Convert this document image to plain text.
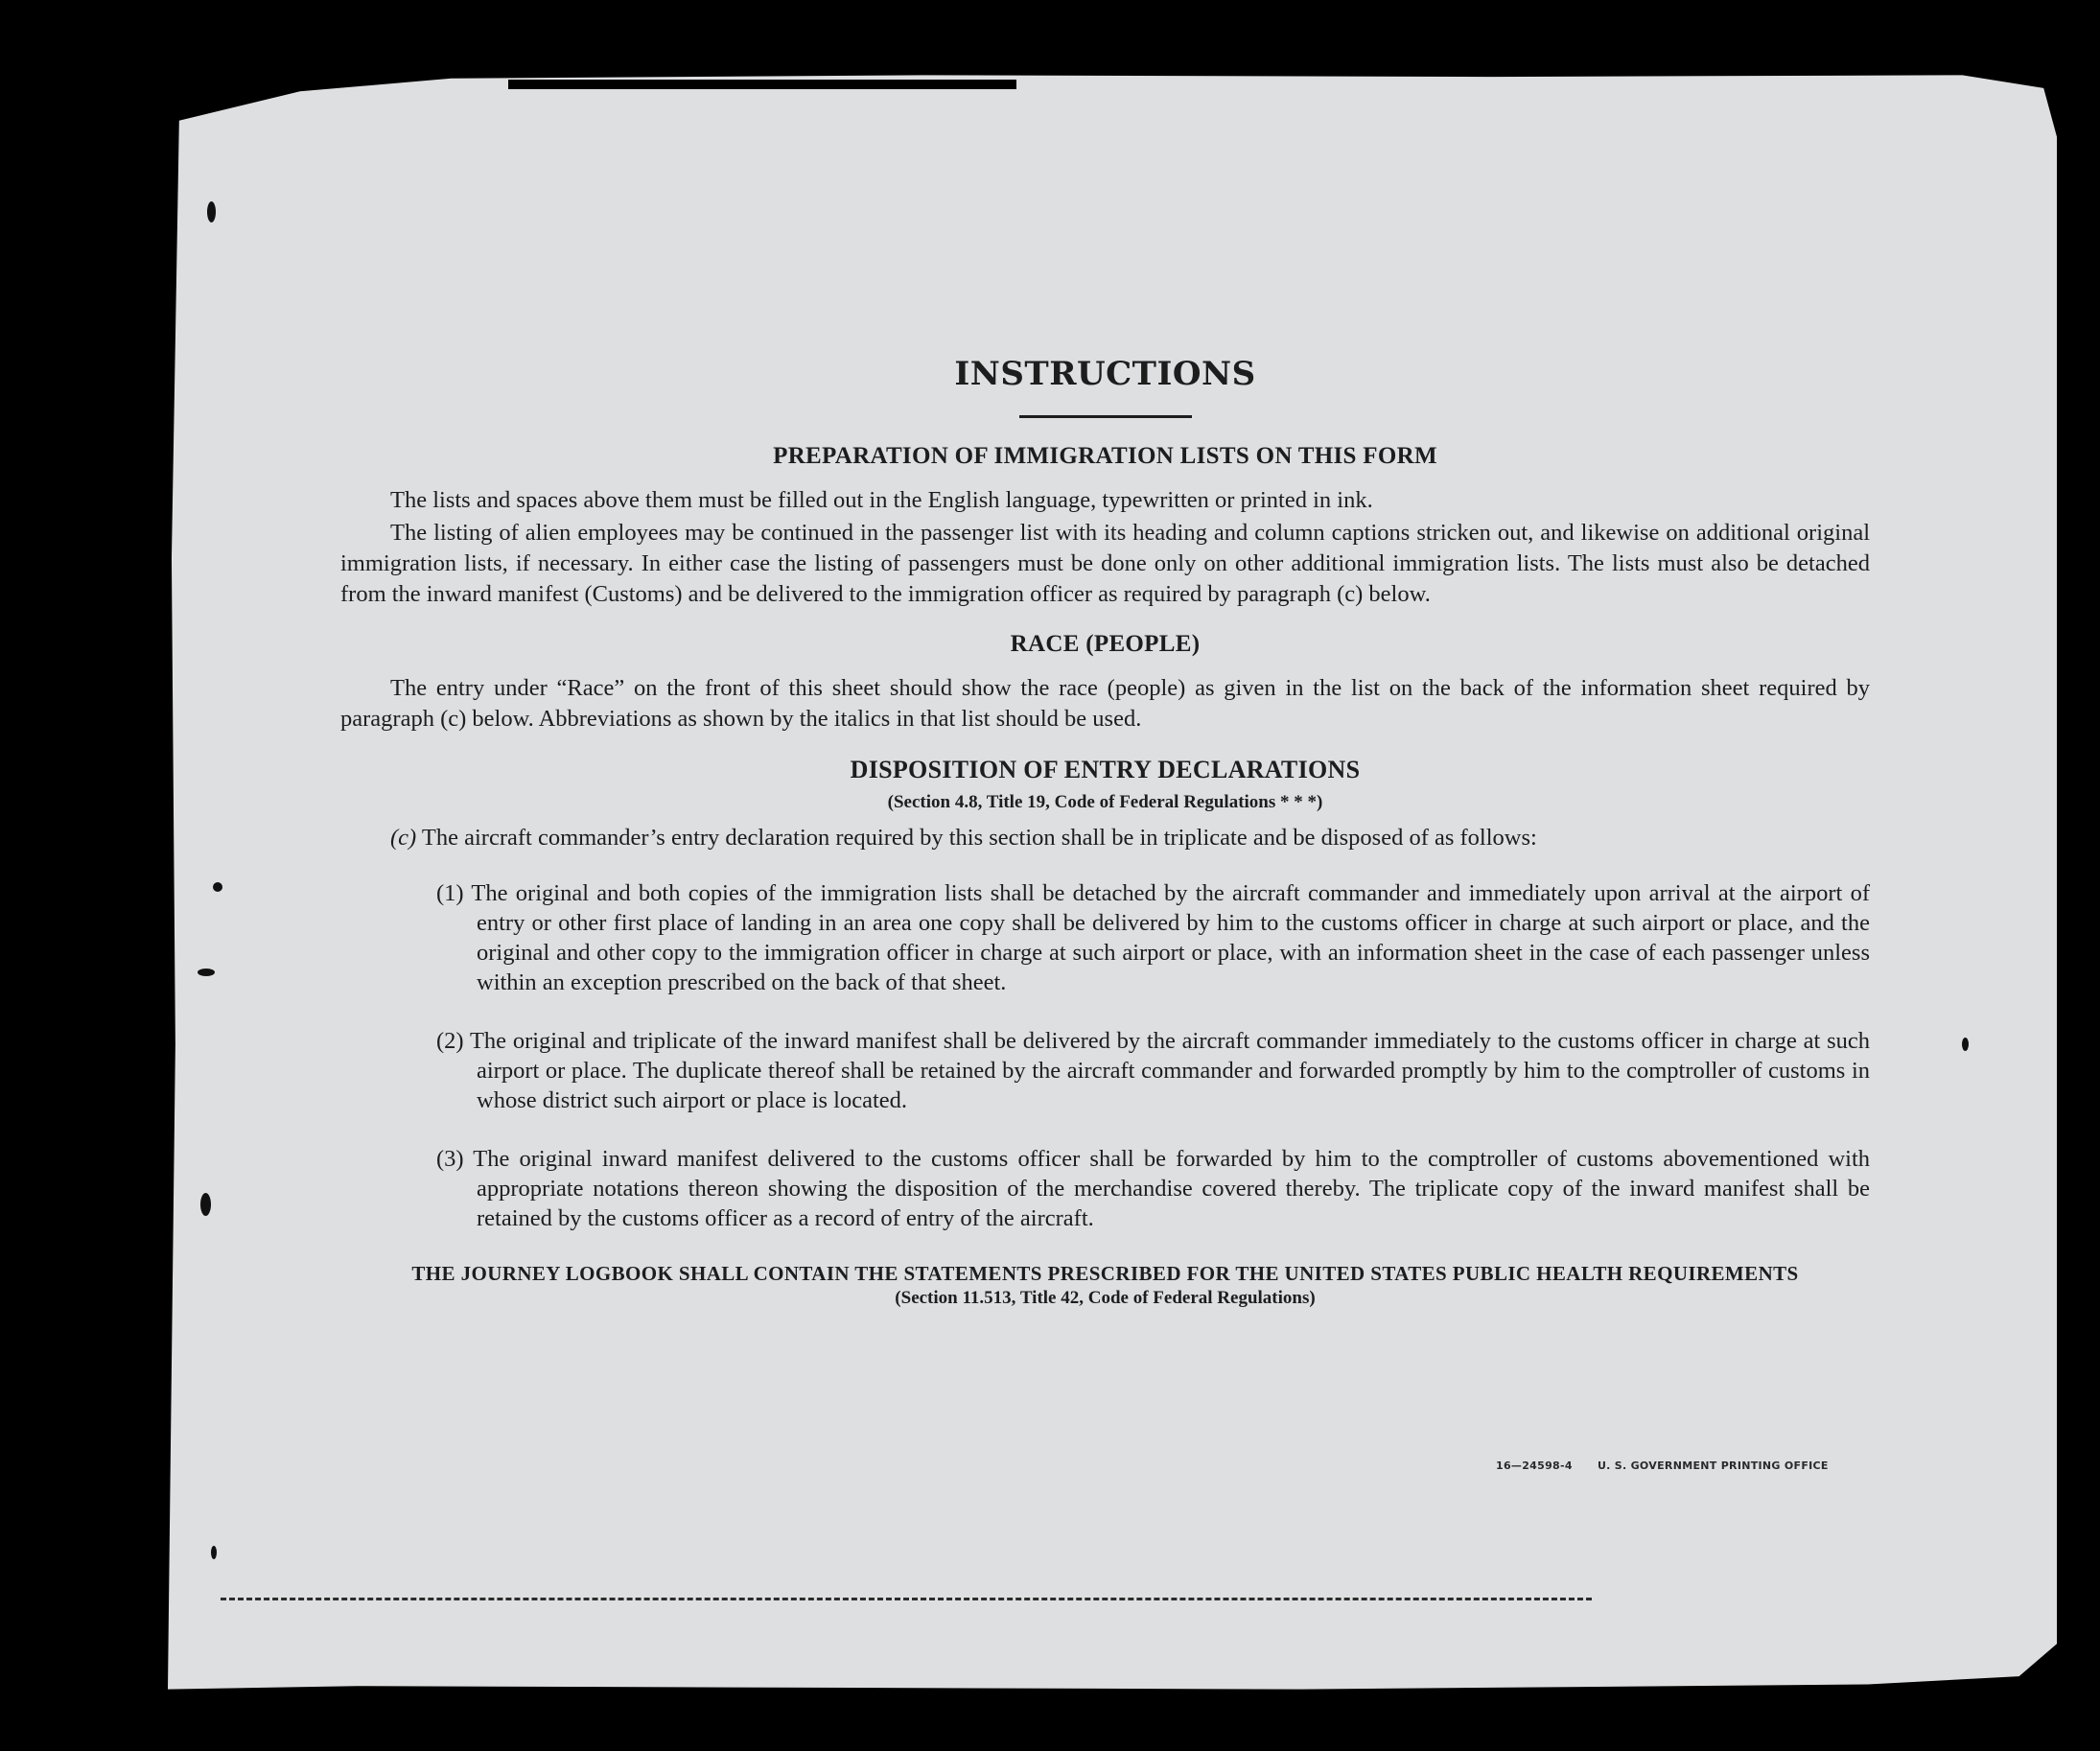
INSTRUCTIONS
PREPARATION OF IMMIGRATION LISTS ON THIS FORM

The lists and spaces above them must be filled out in the English language, typewritten or printed in ink.

The listing of alien employees may be continued in the passenger list with its heading and column captions stricken out, and likewise on additional original immigration lists, if necessary. In either case the listing of passengers must be done only on other additional immigration lists. The lists must also be detached from the inward manifest (Customs) and be delivered to the immigration officer as required by paragraph (c) below.

RACE (PEOPLE)

The entry under “Race” on the front of this sheet should show the race (people) as given in the list on the back of the information sheet required by paragraph (c) below. Abbreviations as shown by the italics in that list should be used.

DISPOSITION OF ENTRY DECLARATIONS
(Section 4.8, Title 19, Code of Federal Regulations * * *)

(c) The aircraft commander’s entry declaration required by this section shall be in triplicate and be disposed of as follows:

(1) The original and both copies of the immigration lists shall be detached by the aircraft commander and immediately upon arrival at the airport of entry or other first place of landing in an area one copy shall be delivered by him to the customs officer in charge at such airport or place, and the original and other copy to the immigration officer in charge at such airport or place, with an information sheet in the case of each passenger unless within an exception prescribed on the back of that sheet.

(2) The original and triplicate of the inward manifest shall be delivered by the aircraft commander immediately to the customs officer in charge at such airport or place. The duplicate thereof shall be retained by the aircraft commander and forwarded promptly by him to the comptroller of customs in whose district such airport or place is located.

(3) The original inward manifest delivered to the customs officer shall be forwarded by him to the comptroller of customs abovementioned with appropriate notations thereon showing the disposition of the merchandise covered thereby. The triplicate copy of the inward manifest shall be retained by the customs officer as a record of entry of the aircraft.

THE JOURNEY LOGBOOK SHALL CONTAIN THE STATEMENTS PRESCRIBED FOR THE UNITED STATES PUBLIC HEALTH REQUIREMENTS
(Section 11.513, Title 42, Code of Federal Regulations)
16—24598-4 U. S. GOVERNMENT PRINTING OFFICE
